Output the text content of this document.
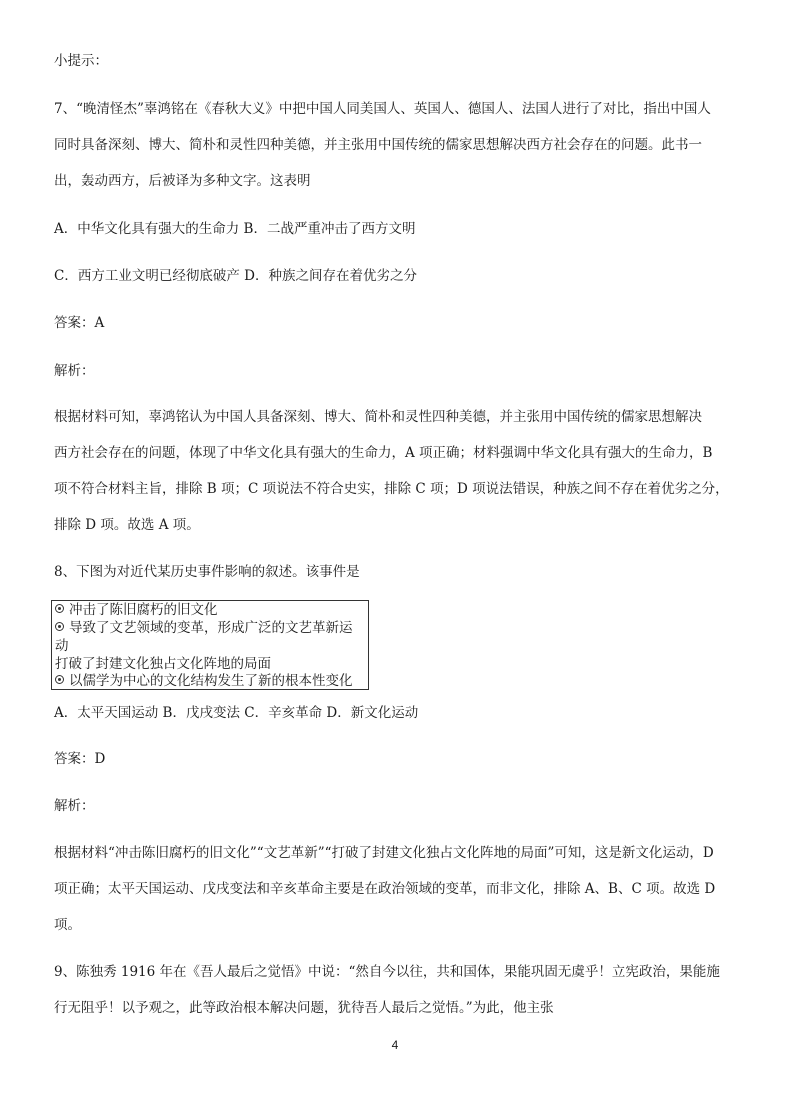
小提示：
7、“晚清怪杰”辜鸿铭在《春秋大义》中把中国人同美国人、英国人、德国人、法国人进行了对比，指出中国人
同时具备深刻、博大、简朴和灵性四种美德，并主张用中国传统的儒家思想解决西方社会存在的问题。此书一
出，轰动西方，后被译为多种文字。这表明
A．中华文化具有强大的生命力 B．二战严重冲击了西方文明
C．西方工业文明已经彻底破产 D．种族之间存在着优劣之分
答案：A
解析：
根据材料可知，辜鸿铭认为中国人具备深刻、博大、简朴和灵性四种美德，并主张用中国传统的儒家思想解决
西方社会存在的问题，体现了中华文化具有强大的生命力，A 项正确；材料强调中华文化具有强大的生命力，B
项不符合材料主旨，排除 B 项；C 项说法不符合史实，排除 C 项；D 项说法错误，种族之间不存在着优劣之分，
排除 D 项。故选 A 项。
8、下图为对近代某历史事件影响的叙述。该事件是
冲击了陈旧腐朽的旧文化
导致了文艺领域的变革，形成广泛的文艺革新运
动
打破了封建文化独占文化阵地的局面
以儒学为中心的文化结构发生了新的根本性变化
A．太平天国运动 B．戊戌变法 C．辛亥革命 D．新文化运动
答案：D
解析：
根据材料“冲击陈旧腐朽的旧文化”“文艺革新”“打破了封建文化独占文化阵地的局面”可知，这是新文化运动，D
项正确；太平天国运动、戊戌变法和辛亥革命主要是在政治领域的变革，而非文化，排除 A、B、C 项。故选 D
项。
9、陈独秀 1916 年在《吾人最后之觉悟》中说：“然自今以往，共和国体，果能巩固无虞乎！立宪政治，果能施
行无阻乎！以予观之，此等政治根本解决问题，犹待吾人最后之觉悟。”为此，他主张
4
